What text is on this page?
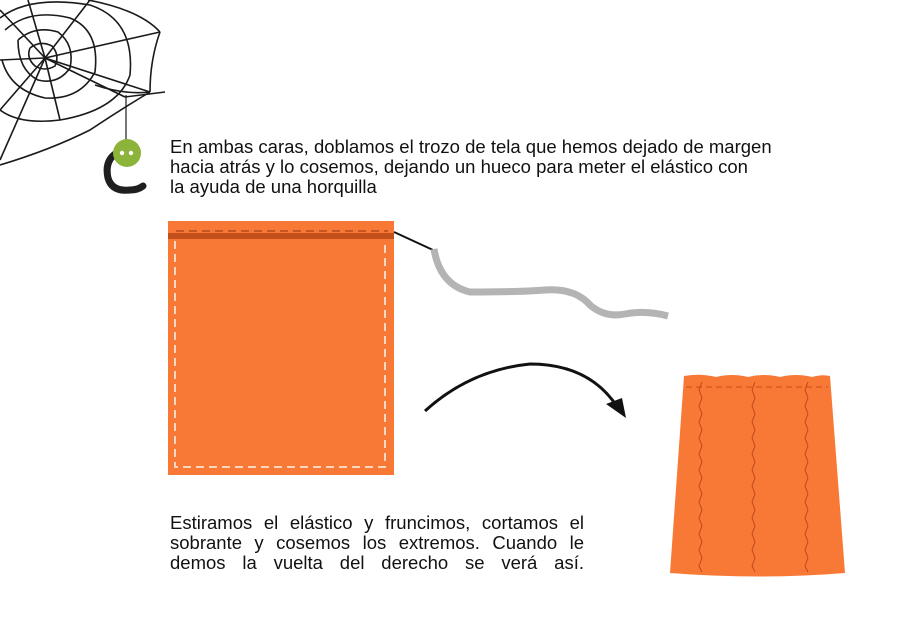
En ambas caras, doblamos el trozo de tela que hemos dejado de margen
hacia atrás y lo cosemos, dejando un hueco para meter el elástico con
la ayuda de una horquilla
Estiramos el elástico y fruncimos, cortamos el
sobrante y cosemos los extremos. Cuando le
demos la vuelta del derecho se verá así.
